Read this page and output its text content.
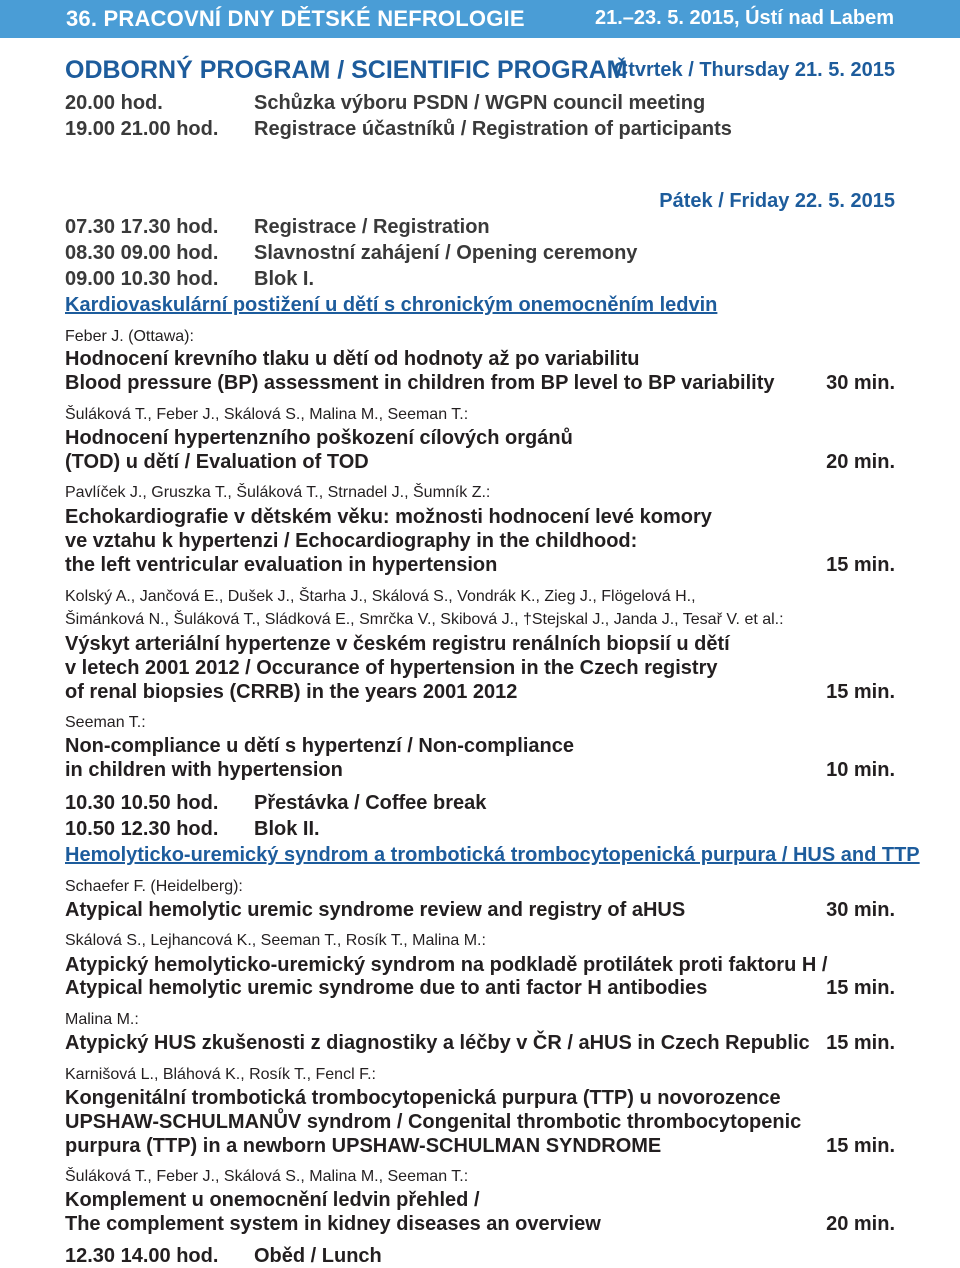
36. PRACOVNÍ DNY DĚTSKÉ NEFROLOGIE	21.–23. 5. 2015, Ústí nad Labem
ODBORNÝ PROGRAM / SCIENTIFIC PROGRAM
Čtvrtek / Thursday 21. 5. 2015
20.00 hod.	Schůzka výboru PSDN / WGPN council meeting
19.00 21.00 hod. Registrace účastníků / Registration of participants
Pátek / Friday 22. 5. 2015
07.30 17.30 hod. Registrace / Registration
08.30 09.00 hod. Slavnostní zahájení / Opening ceremony
09.00 10.30 hod. Blok I.
Kardiovaskulární postižení u dětí s chronickým onemocněním ledvin
Feber J. (Ottawa):
Hodnocení krevního tlaku u dětí od hodnoty až po variabilitu
Blood pressure (BP) assessment in children from BP level to BP variability	30 min.
Šuláková T., Feber J., Skálová S., Malina M., Seeman T.:
Hodnocení hypertenzního poškození cílových orgánů
(TOD) u dětí / Evaluation of TOD	20 min.
Pavlíček J., Gruszka T., Šuláková T., Strnadel J., Šumník Z.:
Echokardiografie v dětském věku: možnosti hodnocení levé komory
ve vztahu k hypertenzi / Echocardiography in the childhood:
the left ventricular evaluation in hypertension	15 min.
Kolský A., Jančová E., Dušek J., Štarha J., Skálová S., Vondrák K., Zieg J., Flögelová H.,
Šimánková N., Šuláková T., Sládková E., Smrčka V., Skibová J., †Stejskal J., Janda J., Tesař V. et al.:
Výskyt arteriální hypertenze v českém registru renálních biopsií u dětí
v letech 2001 2012 / Occurance of hypertension in the Czech registry
of renal biopsies (CRRB) in the years 2001 2012	15 min.
Seeman T.:
Non-compliance u dětí s hypertenzí / Non-compliance
in children with hypertension	10 min.
10.30 10.50 hod. Přestávka / Coffee break
10.50 12.30 hod. Blok II.
Hemolyticko-uremický syndrom a trombotická trombocytopenická purpura / HUS and TTP
Schaefer F. (Heidelberg):
Atypical hemolytic uremic syndrome review and registry of aHUS	30 min.
Skálová S., Lejhancová K., Seeman T., Rosík T., Malina M.:
Atypický hemolyticko-uremický syndrom na podkladě protilátek proti faktoru H /
Atypical hemolytic uremic syndrome due to anti factor H antibodies	15 min.
Malina M.:
Atypický HUS zkušenosti z diagnostiky a léčby v ČR / aHUS in Czech Republic 15 min.
Karnišová L., Bláhová K., Rosík T., Fencl F.:
Kongenitální trombotická trombocytopenická purpura (TTP) u novorozence
UPSHAW-SCHULMANŮV syndrom / Congenital thrombotic thrombocytopenic
purpura (TTP) in a newborn UPSHAW-SCHULMAN SYNDROME	15 min.
Šuláková T., Feber J., Skálová S., Malina M., Seeman T.:
Komplement u onemocnění ledvin přehled /
The complement system in kidney diseases an overview	20 min.
12.30 14.00 hod. Oběd / Lunch
